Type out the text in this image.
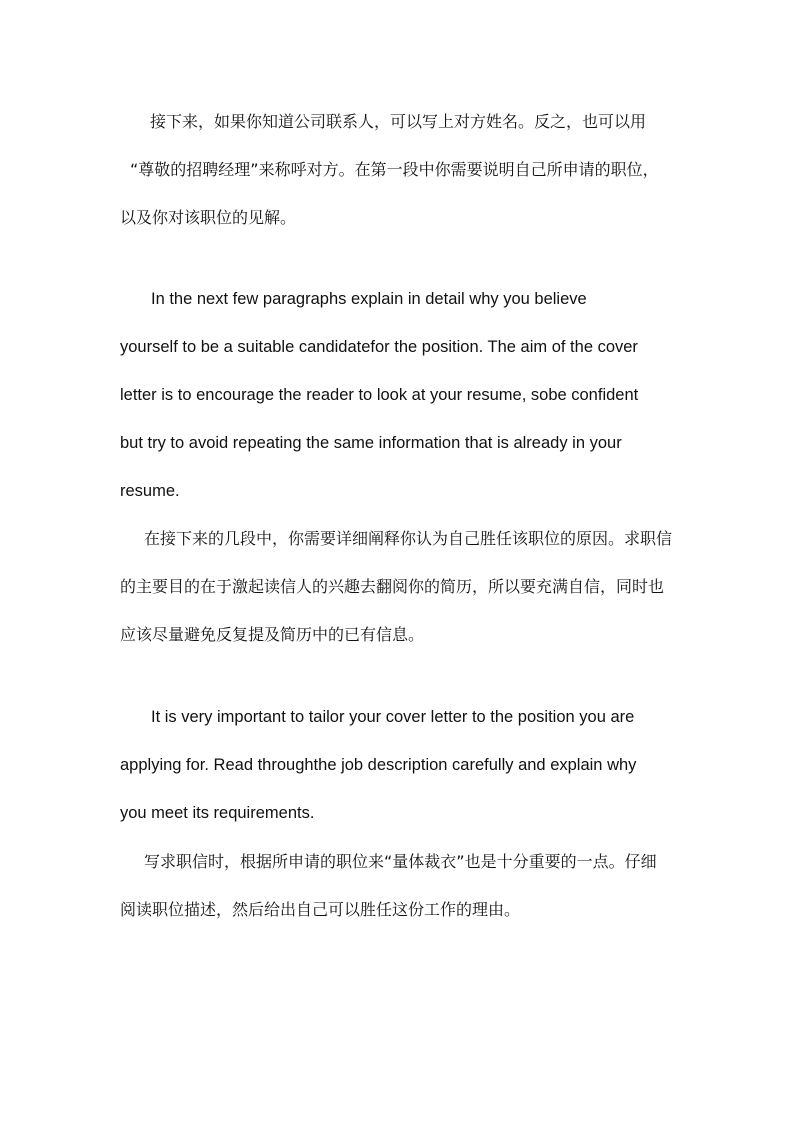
接下来，如果你知道公司联系人，可以写上对方姓名。反之，也可以用
“尊敬的招聘经理”来称呼对方。在第一段中你需要说明自己所申请的职位，
以及你对该职位的见解。
In the next few paragraphs explain in detail why you believe
yourself to be a suitable candidatefor the position. The aim of the cover
letter is to encourage the reader to look at your resume, sobe confident
but try to avoid repeating the same information that is already in your
resume.
在接下来的几段中，你需要详细阐释你认为自己胜任该职位的原因。求职信
的主要目的在于激起读信人的兴趣去翻阅你的简历，所以要充满自信，同时也
应该尽量避免反复提及简历中的已有信息。
It is very important to tailor your cover letter to the position you are
applying for. Read throughthe job description carefully and explain why
you meet its requirements.
写求职信时，根据所申请的职位来“量体裁衣”也是十分重要的一点。仔细
阅读职位描述，然后给出自己可以胜任这份工作的理由。
